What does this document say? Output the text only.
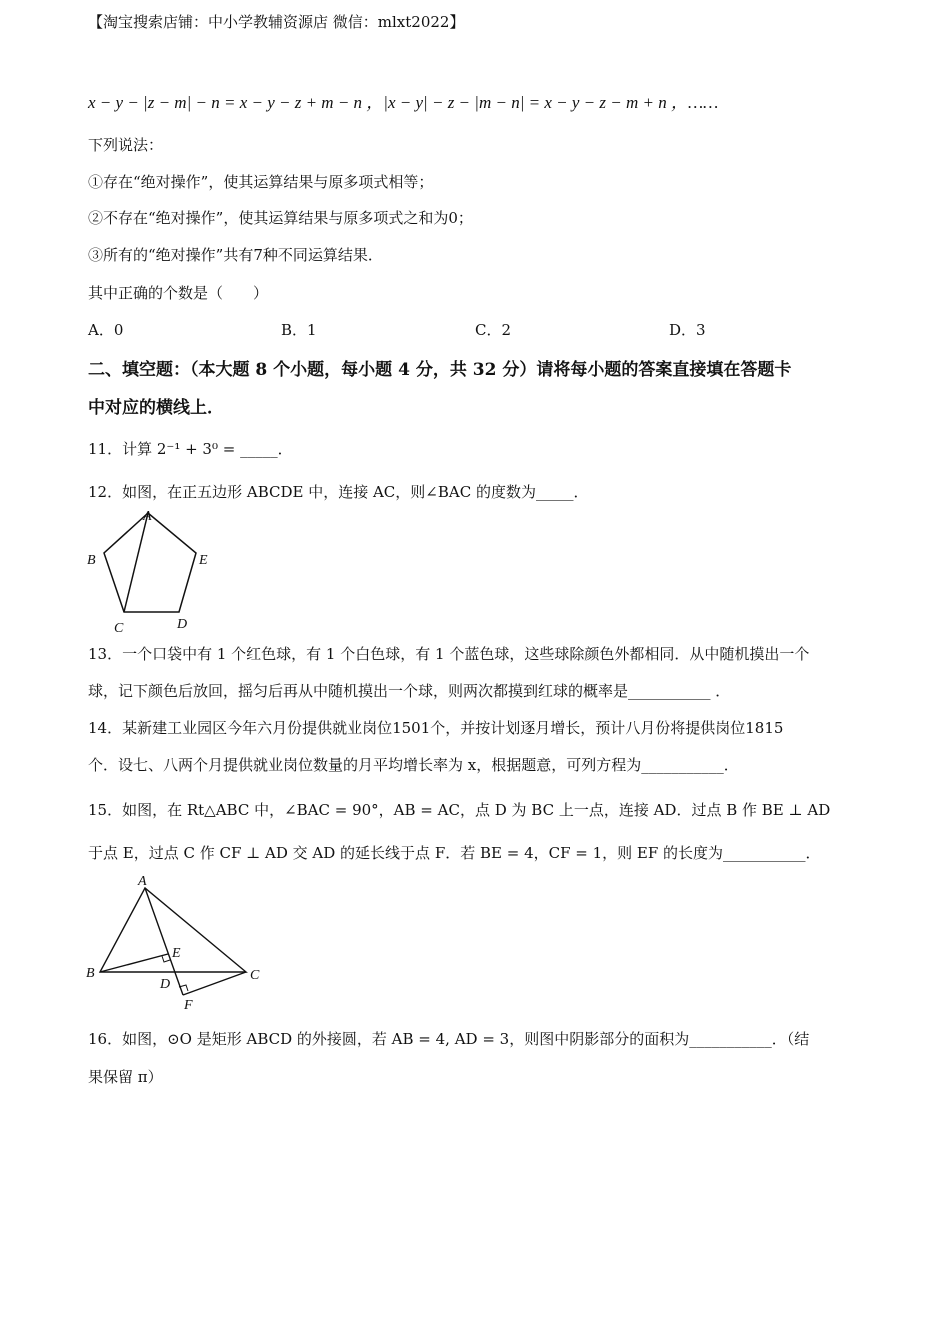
【淘宝搜索店铺：中小学教辅资源店 微信：mlxt2022】
x − y − |z − m| − n = x − y − z + m − n ，|x − y| − z − |m − n| = x − y − z − m + n ，……
下列说法：
①存在“绝对操作”，使其运算结果与原多项式相等；
②不存在“绝对操作”，使其运算结果与原多项式之和为0；
③所有的“绝对操作”共有7种不同运算结果．
其中正确的个数是（　　）
A．0	B．1	C．2	D．3
二、填空题：（本大题 8 个小题，每小题 4 分，共 32 分）请将每小题的答案直接填在答题卡
中对应的横线上．
11．计算 2⁻¹ + 3⁰ = _____．
12．如图，在正五边形 ABCDE 中，连接 AC，则∠BAC 的度数为_____．
A
B
C	D
E
13．一个口袋中有 1 个红色球，有 1 个白色球，有 1 个蓝色球，这些球除颜色外都相同．从中随机摸出一个
球，记下颜色后放回，摇匀后再从中随机摸出一个球，则两次都摸到红球的概率是___________ ．
14．某新建工业园区今年六月份提供就业岗位1501个，并按计划逐月增长，预计八月份将提供岗位1815
个．设七、八两个月提供就业岗位数量的月平均增长率为 x，根据题意，可列方程为___________．
15．如图，在 Rt△ABC 中，∠BAC = 90°，AB = AC，点 D 为 BC 上一点，连接 AD．过点 B 作 BE ⊥ AD
于点 E，过点 C 作 CF ⊥ AD 交 AD 的延长线于点 F．若 BE = 4，CF = 1，则 EF 的长度为___________．
A
B	C
D
E
F
16．如图，⊙O 是矩形 ABCD 的外接圆，若 AB = 4, AD = 3，则图中阴影部分的面积为___________．（结
果保留 π）
